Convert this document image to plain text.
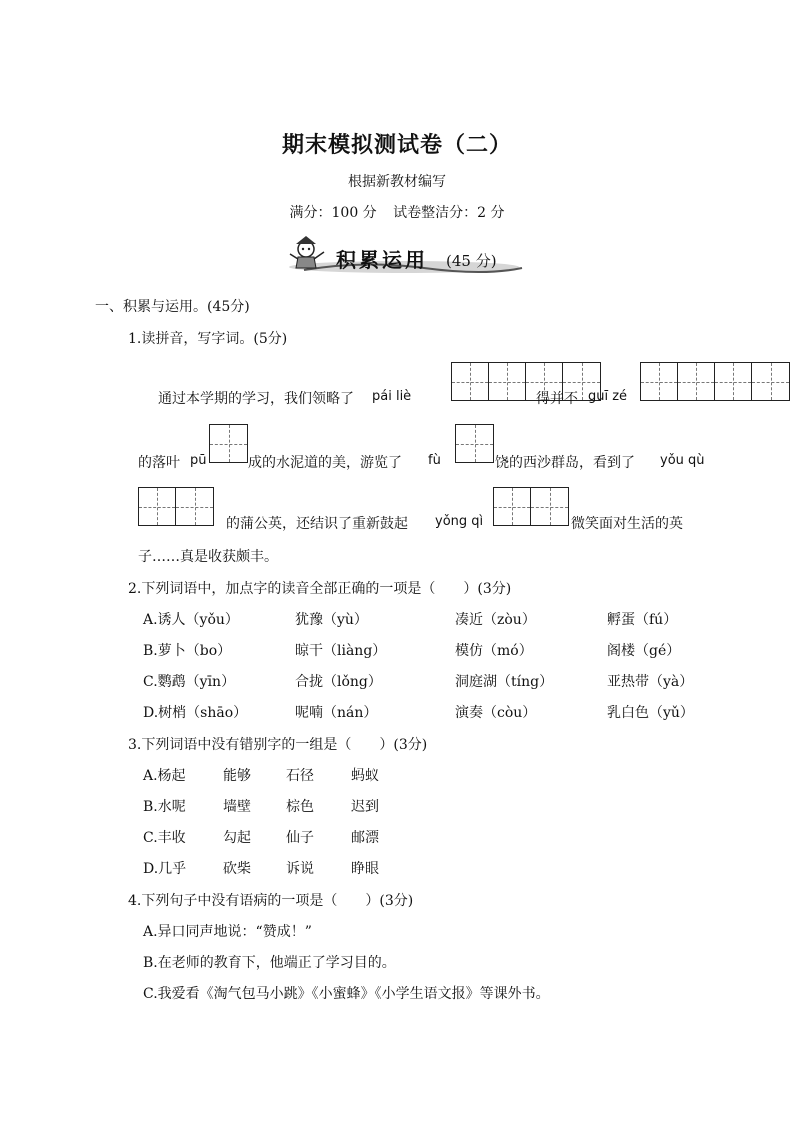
期末模拟测试卷（二）
根据新教材编写
满分：100 分 试卷整洁分：2 分
积累运用 (45 分)
一、积累与运用。(45分)
1.读拼音，写字词。(5分)
通过本学期的学习，我们领略了 pái liè	得并不 guī zé
的落叶 pū	成的水泥道的美，游览了 fù	饶的西沙群岛，看到了 yǒu qù
的蒲公英，还结识了重新鼓起 yǒng qì	微笑面对生活的英
子……真是收获颇丰。
2.下列词语中，加点字的读音全部正确的一项是（　　）(3分)
A.诱人（yǒu）	犹豫（yù）	凑近（zòu）	孵蛋（fú）
B.萝卜（bo）	晾干（liàng）	模仿（mó）	阁楼（gé）
C.鹦鹉（yīn）	合拢（lǒng）	洞庭湖（tíng）	亚热带（yà）
D.树梢（shāo）	呢喃（nán）	演奏（còu）	乳白色（yǔ）
3.下列词语中没有错别字的一组是（　　）(3分)
A.杨起	能够	石径	蚂蚁
B.水呢	墙壁	棕色	迟到
C.丰收	勾起	仙子	邮漂
D.几乎	砍柴	诉说	睁眼
4.下列句子中没有语病的一项是（　　）(3分)
A.异口同声地说：“赞成！”
B.在老师的教育下，他端正了学习目的。
C.我爱看《淘气包马小跳》《小蜜蜂》《小学生语文报》等课外书。
